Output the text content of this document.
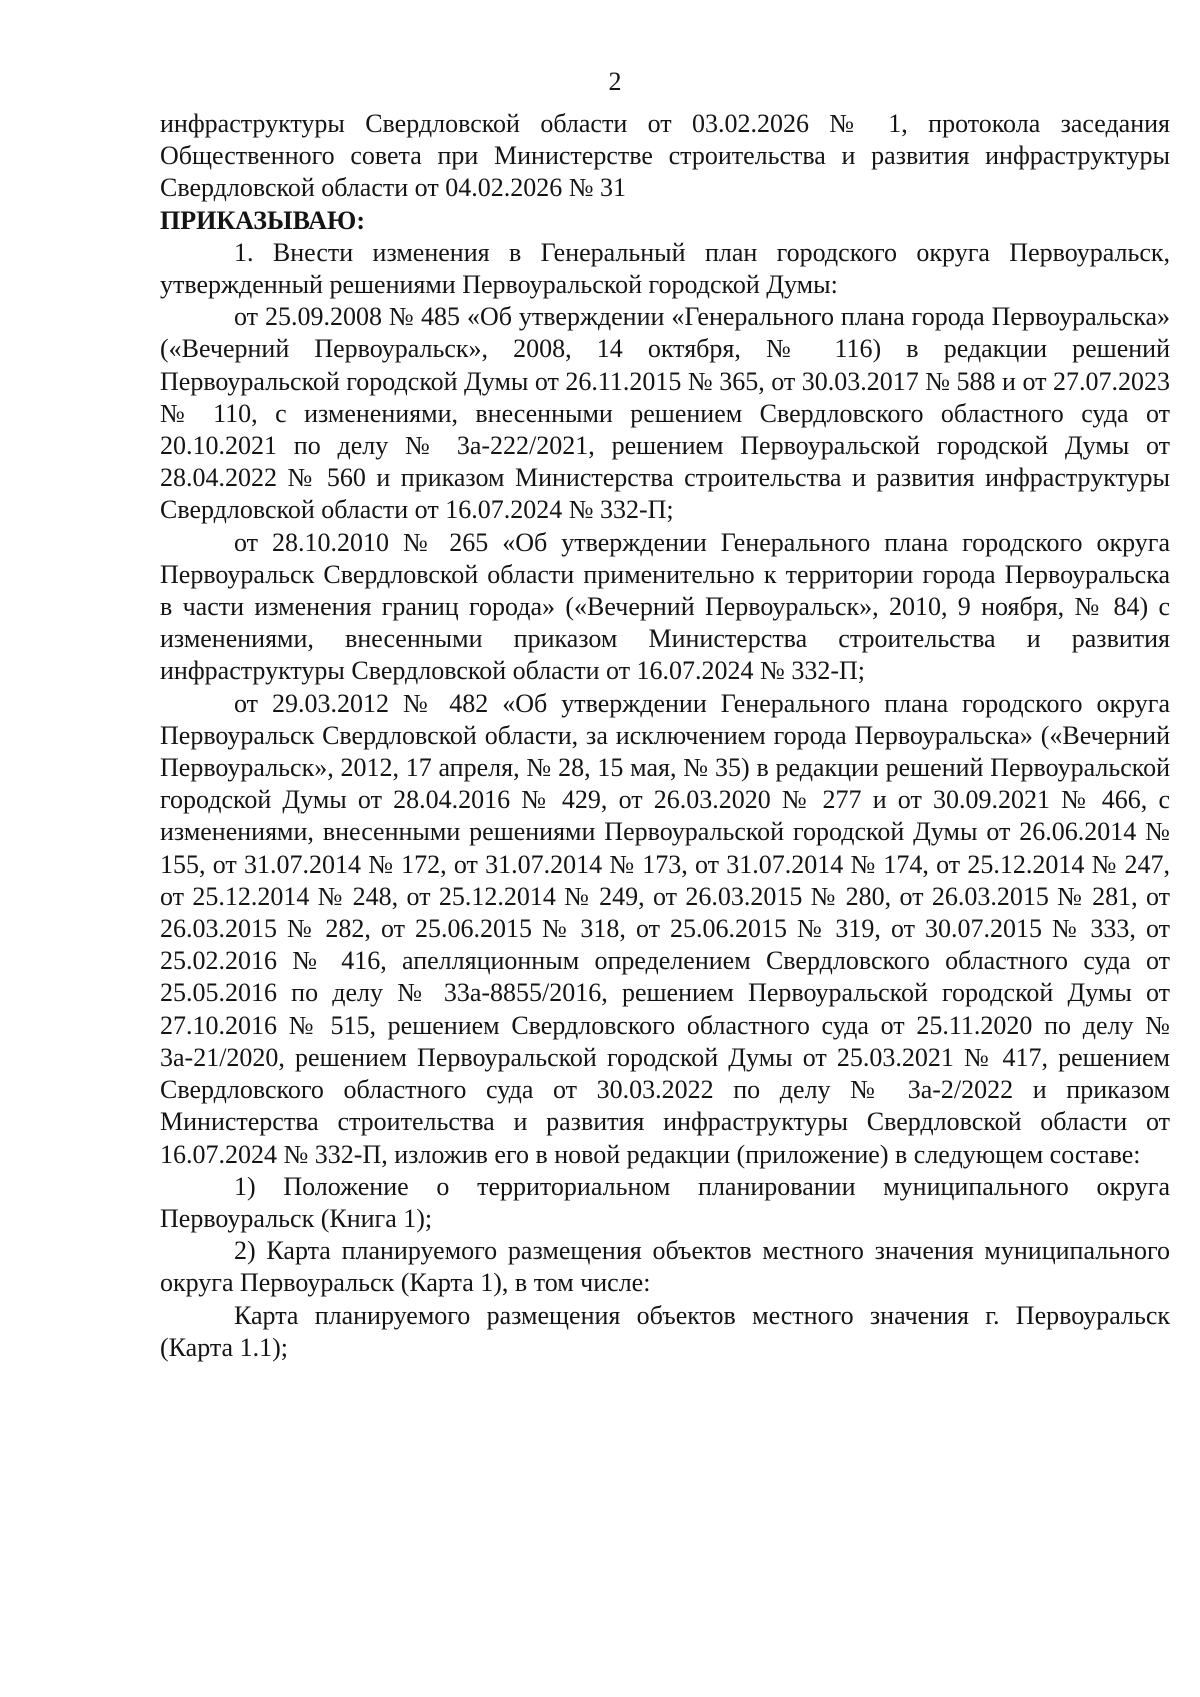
2

инфраструктуры Свердловской области от 03.02.2026 № 1, протокола заседания Общественного совета при Министерстве строительства и развития инфраструктуры Свердловской области от 04.02.2026 № 31

ПРИКАЗЫВАЮ:

1. Внести изменения в Генеральный план городского округа Первоуральск, утвержденный решениями Первоуральской городской Думы:

от 25.09.2008 № 485 «Об утверждении «Генерального плана города Первоуральска» («Вечерний Первоуральск», 2008, 14 октября, № 116) в редакции решений Первоуральской городской Думы от 26.11.2015 № 365, от 30.03.2017 № 588 и от 27.07.2023 № 110, с изменениями, внесенными решением Свердловского областного суда от 20.10.2021 по делу № 3а-222/2021, решением Первоуральской городской Думы от 28.04.2022 № 560 и приказом Министерства строительства и развития инфраструктуры Свердловской области от 16.07.2024 № 332-П;

от 28.10.2010 № 265 «Об утверждении Генерального плана городского округа Первоуральск Свердловской области применительно к территории города Первоуральска в части изменения границ города» («Вечерний Первоуральск», 2010, 9 ноября, № 84) с изменениями, внесенными приказом Министерства строительства и развития инфраструктуры Свердловской области от 16.07.2024 № 332-П;

от 29.03.2012 № 482 «Об утверждении Генерального плана городского округа Первоуральск Свердловской области, за исключением города Первоуральска» («Вечерний Первоуральск», 2012, 17 апреля, № 28, 15 мая, № 35) в редакции решений Первоуральской городской Думы от 28.04.2016 № 429, от 26.03.2020 № 277 и от 30.09.2021 № 466, с изменениями, внесенными решениями Первоуральской городской Думы от 26.06.2014 № 155, от 31.07.2014 № 172, от 31.07.2014 № 173, от 31.07.2014 № 174, от 25.12.2014 № 247, от 25.12.2014 № 248, от 25.12.2014 № 249, от 26.03.2015 № 280, от 26.03.2015 № 281, от 26.03.2015 № 282, от 25.06.2015 № 318, от 25.06.2015 № 319, от 30.07.2015 № 333, от 25.02.2016 № 416, апелляционным определением Свердловского областного суда от 25.05.2016 по делу № 33а-8855/2016, решением Первоуральской городской Думы от 27.10.2016 № 515, решением Свердловского областного суда от 25.11.2020 по делу № 3а-21/2020, решением Первоуральской городской Думы от 25.03.2021 № 417, решением Свердловского областного суда от 30.03.2022 по делу № 3а-2/2022 и приказом Министерства строительства и развития инфраструктуры Свердловской области от 16.07.2024 № 332-П, изложив его в новой редакции (приложение) в следующем составе:

1) Положение о территориальном планировании муниципального округа Первоуральск (Книга 1);

2) Карта планируемого размещения объектов местного значения муниципального округа Первоуральск (Карта 1), в том числе:

Карта планируемого размещения объектов местного значения г. Первоуральск (Карта 1.1);
